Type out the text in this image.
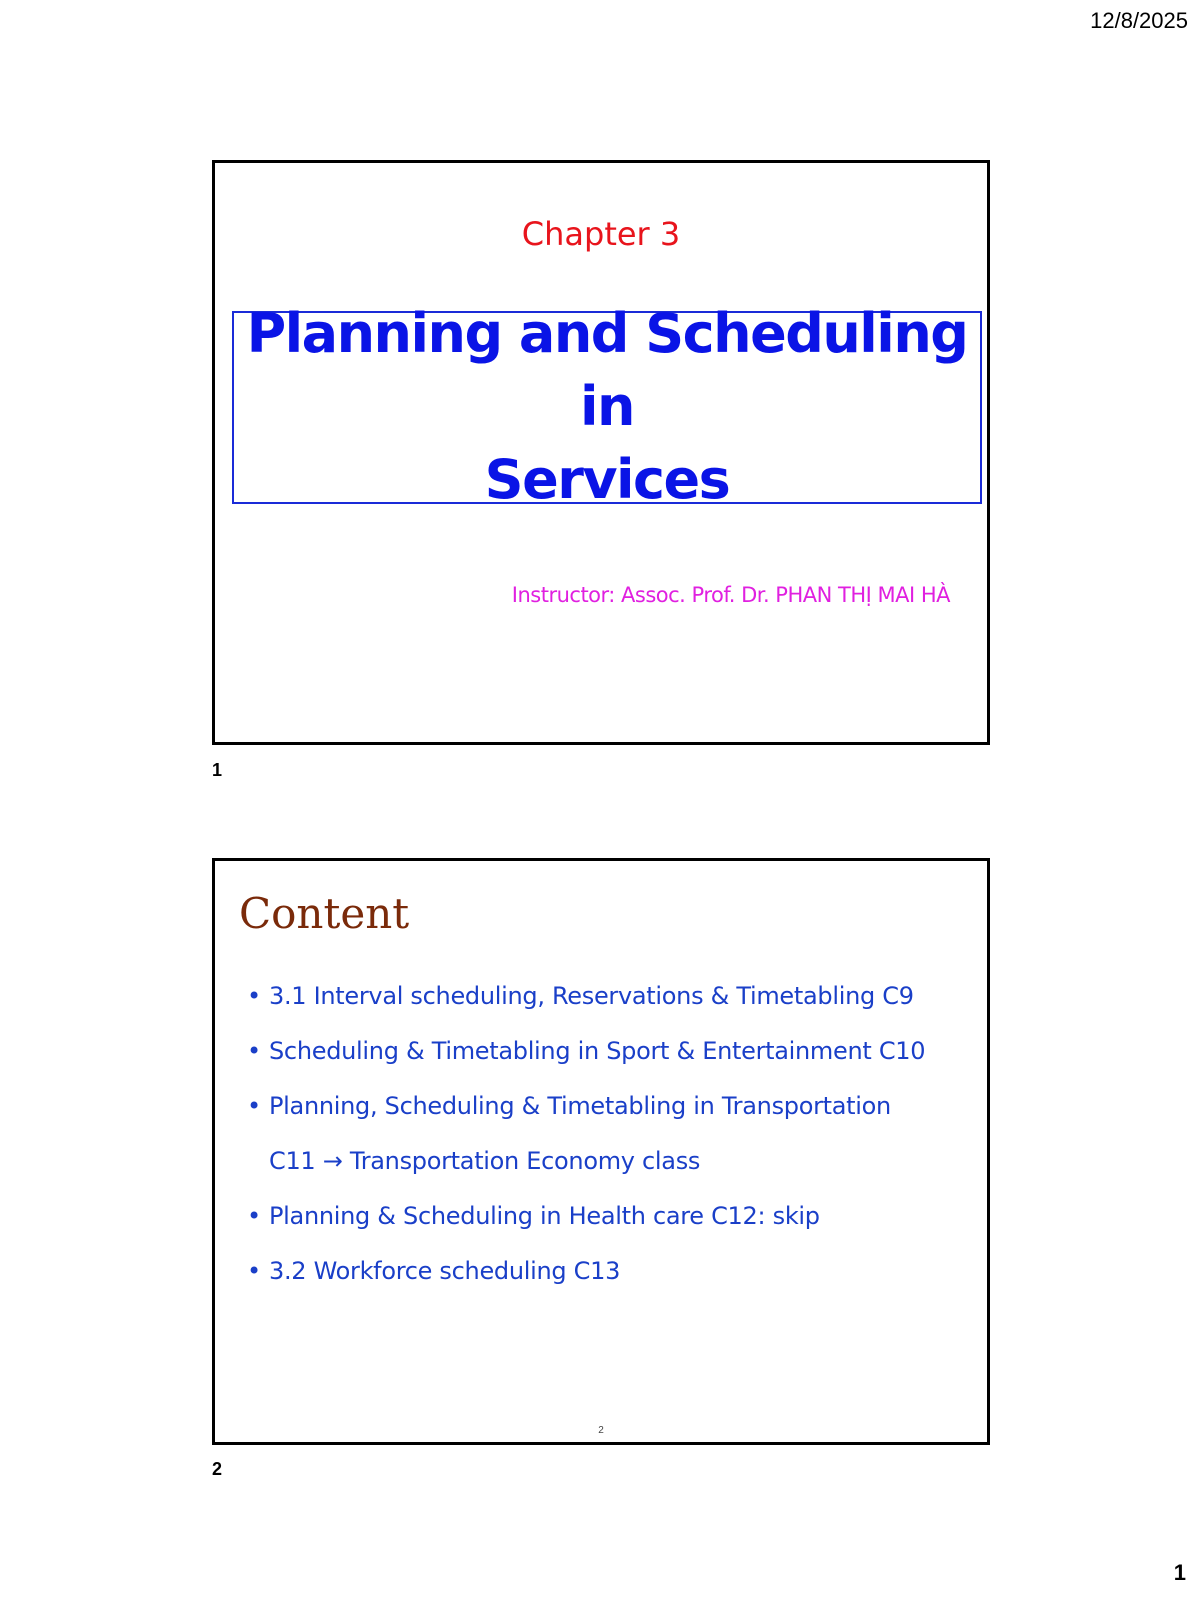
12/8/2025
Chapter 3
Planning and Scheduling in
Services
Instructor: Assoc. Prof. Dr. PHAN THỊ MAI HÀ
1
Content
• 3.1 Interval scheduling, Reservations & Timetabling C9
• Scheduling & Timetabling in Sport & Entertainment C10
• Planning, Scheduling & Timetabling in Transportation
C11 → Transportation Economy class
• Planning & Scheduling in Health care C12: skip
• 3.2 Workforce scheduling C13
2
2
1
